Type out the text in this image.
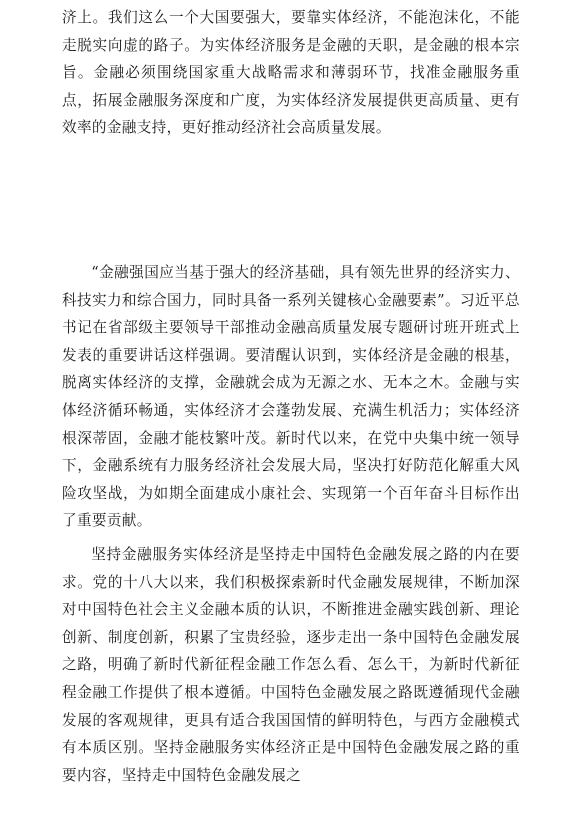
济上。我们这么一个大国要强大，要靠实体经济，不能泡沫化，不能走脱实向虚的路子。为实体经济服务是金融的天职，是金融的根本宗旨。金融必须围绕国家重大战略需求和薄弱环节，找准金融服务重点，拓展金融服务深度和广度，为实体经济发展提供更高质量、更有效率的金融支持，更好推动经济社会高质量发展。

“金融强国应当基于强大的经济基础，具有领先世界的经济实力、科技实力和综合国力，同时具备一系列关键核心金融要素”。习近平总书记在省部级主要领导干部推动金融高质量发展专题研讨班开班式上发表的重要讲话这样强调。要清醒认识到，实体经济是金融的根基，脱离实体经济的支撑，金融就会成为无源之水、无本之木。金融与实体经济循环畅通，实体经济才会蓬勃发展、充满生机活力；实体经济根深蒂固，金融才能枝繁叶茂。新时代以来，在党中央集中统一领导下，金融系统有力服务经济社会发展大局，坚决打好防范化解重大风险攻坚战，为如期全面建成小康社会、实现第一个百年奋斗目标作出了重要贡献。

坚持金融服务实体经济是坚持走中国特色金融发展之路的内在要求。党的十八大以来，我们积极探索新时代金融发展规律，不断加深对中国特色社会主义金融本质的认识，不断推进金融实践创新、理论创新、制度创新，积累了宝贵经验，逐步走出一条中国特色金融发展之路，明确了新时代新征程金融工作怎么看、怎么干，为新时代新征程金融工作提供了根本遵循。中国特色金融发展之路既遵循现代金融发展的客观规律，更具有适合我国国情的鲜明特色，与西方金融模式有本质区别。坚持金融服务实体经济正是中国特色金融发展之路的重要内容，坚持走中国特色金融发展之
